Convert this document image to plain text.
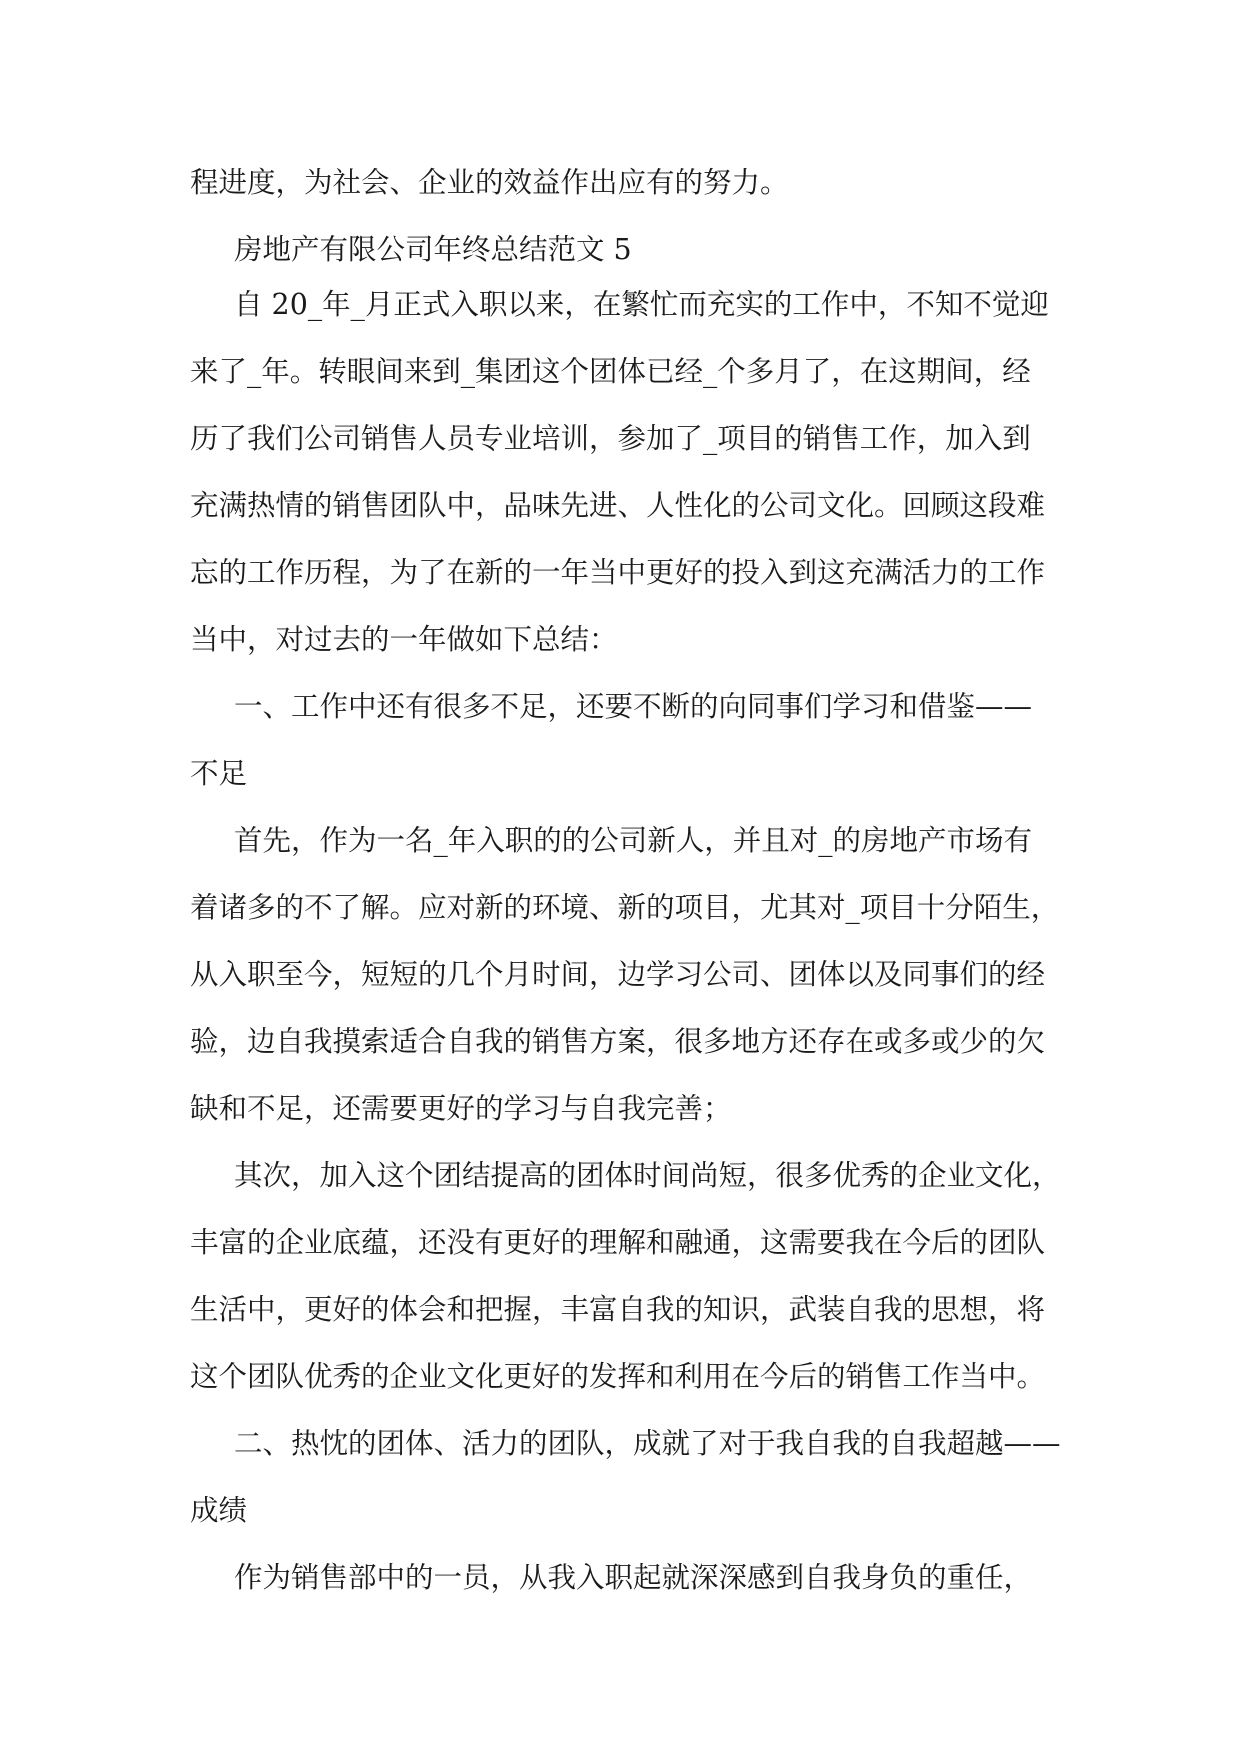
程进度，为社会、企业的效益作出应有的努力。

房地产有限公司年终总结范文 5

自 20_年_月正式入职以来，在繁忙而充实的工作中，不知不觉迎

来了_年。转眼间来到_集团这个团体已经_个多月了，在这期间，经

历了我们公司销售人员专业培训，参加了_项目的销售工作，加入到

充满热情的销售团队中，品味先进、人性化的公司文化。回顾这段难

忘的工作历程，为了在新的一年当中更好的投入到这充满活力的工作

当中，对过去的一年做如下总结：

一、工作中还有很多不足，还要不断的向同事们学习和借鉴——

不足

首先，作为一名_年入职的的公司新人，并且对_的房地产市场有

着诸多的不了解。应对新的环境、新的项目，尤其对_项目十分陌生，

从入职至今，短短的几个月时间，边学习公司、团体以及同事们的经

验，边自我摸索适合自我的销售方案，很多地方还存在或多或少的欠

缺和不足，还需要更好的学习与自我完善；

其次，加入这个团结提高的团体时间尚短，很多优秀的企业文化，

丰富的企业底蕴，还没有更好的理解和融通，这需要我在今后的团队

生活中，更好的体会和把握，丰富自我的知识，武装自我的思想，将

这个团队优秀的企业文化更好的发挥和利用在今后的销售工作当中。

二、热忱的团体、活力的团队，成就了对于我自我的自我超越——

成绩

作为销售部中的一员，从我入职起就深深感到自我身负的重任，
